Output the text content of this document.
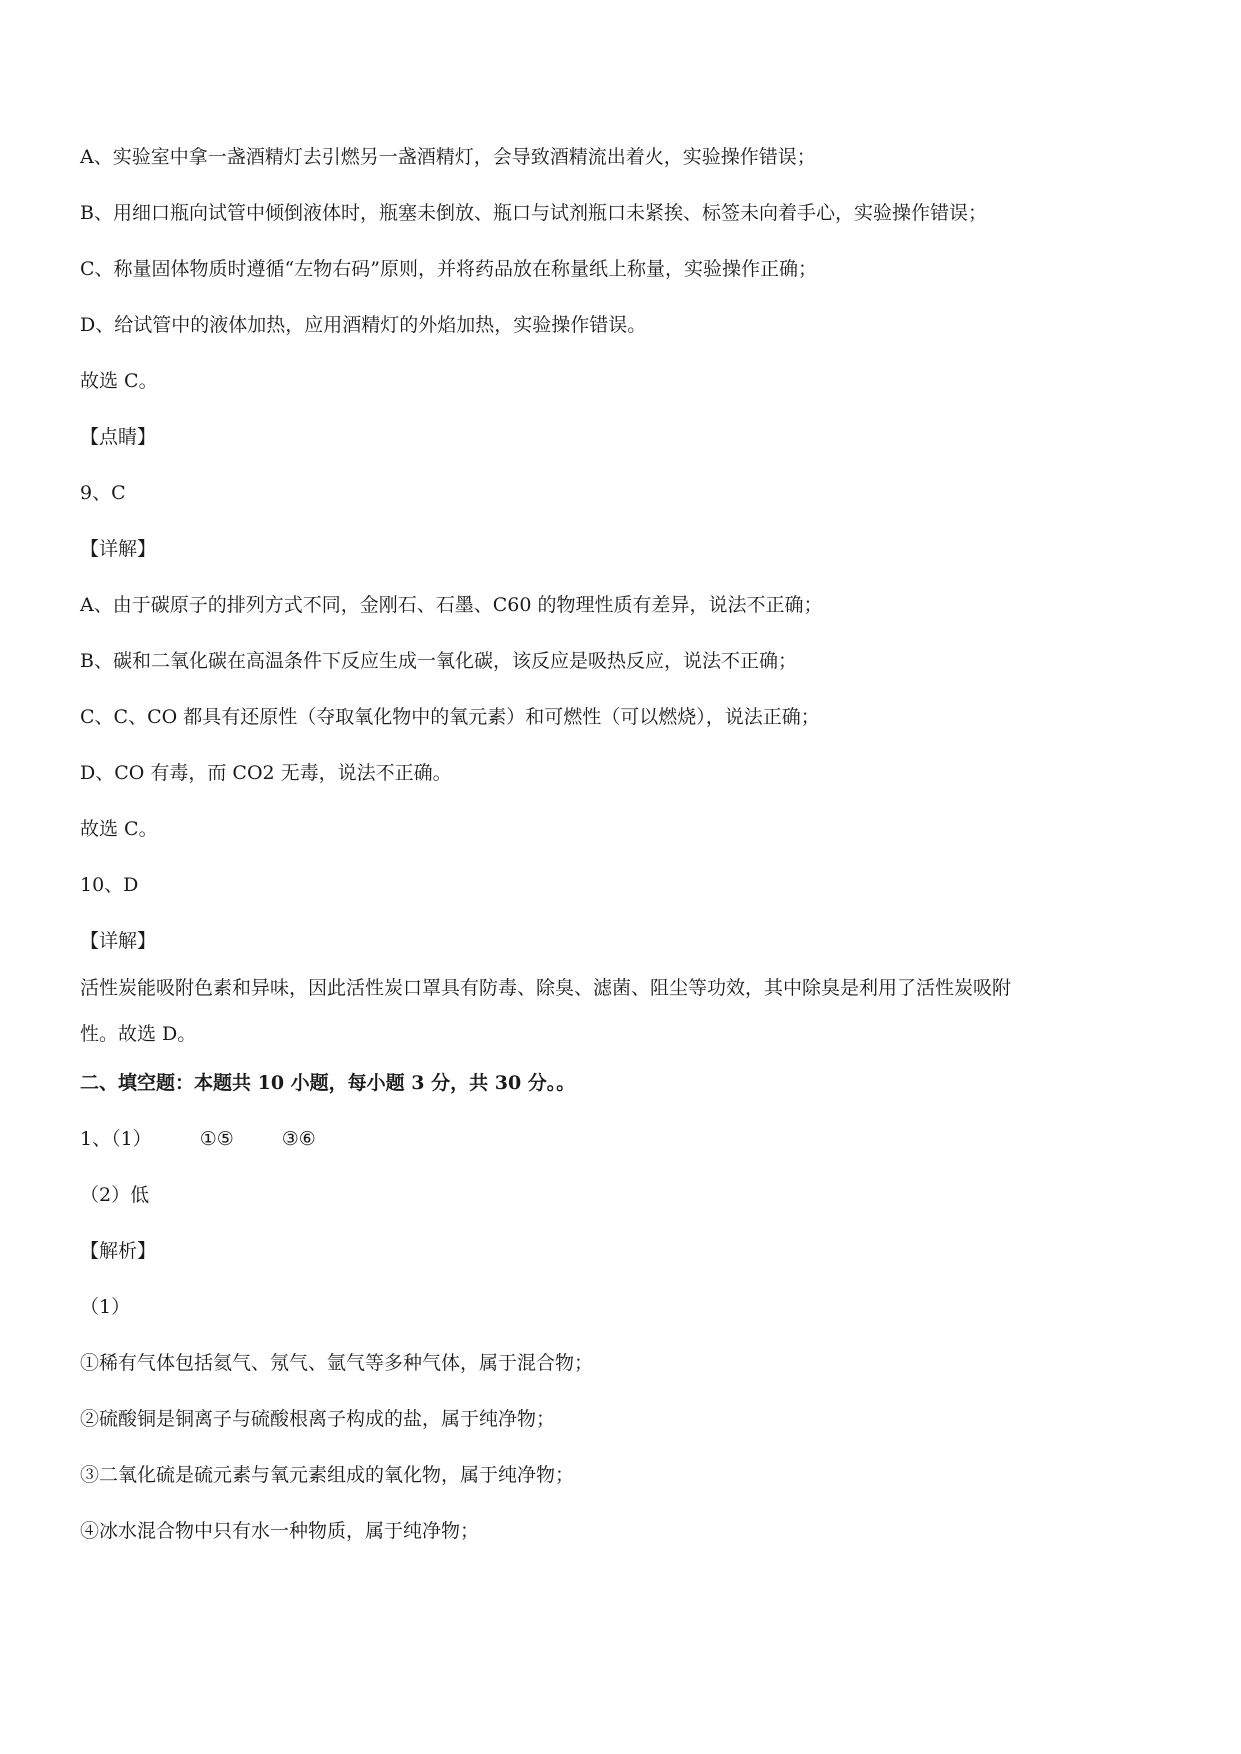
A、实验室中拿一盏酒精灯去引燃另一盏酒精灯，会导致酒精流出着火，实验操作错误；
B、用细口瓶向试管中倾倒液体时，瓶塞未倒放、瓶口与试剂瓶口未紧挨、标签未向着手心，实验操作错误；
C、称量固体物质时遵循“左物右码”原则，并将药品放在称量纸上称量，实验操作正确；
D、给试管中的液体加热，应用酒精灯的外焰加热，实验操作错误。
故选 C。
【点睛】
9、C
【详解】
A、由于碳原子的排列方式不同，金刚石、石墨、C60 的物理性质有差异，说法不正确；
B、碳和二氧化碳在高温条件下反应生成一氧化碳，该反应是吸热反应，说法不正确；
C、C、CO 都具有还原性（夺取氧化物中的氧元素）和可燃性（可以燃烧），说法正确；
D、CO 有毒，而 CO2 无毒，说法不正确。
故选 C。
10、D
【详解】
活性炭能吸附色素和异味，因此活性炭口罩具有防毒、除臭、滤菌、阻尘等功效，其中除臭是利用了活性炭吸附
性。故选 D。
二、填空题：本题共 10 小题，每小题 3 分，共 30 分。。
1、（1）	①⑤	③⑥
（2）低
【解析】
（1）
①稀有气体包括氦气、氖气、氩气等多种气体，属于混合物；
②硫酸铜是铜离子与硫酸根离子构成的盐，属于纯净物；
③二氧化硫是硫元素与氧元素组成的氧化物，属于纯净物；
④冰水混合物中只有水一种物质，属于纯净物；
